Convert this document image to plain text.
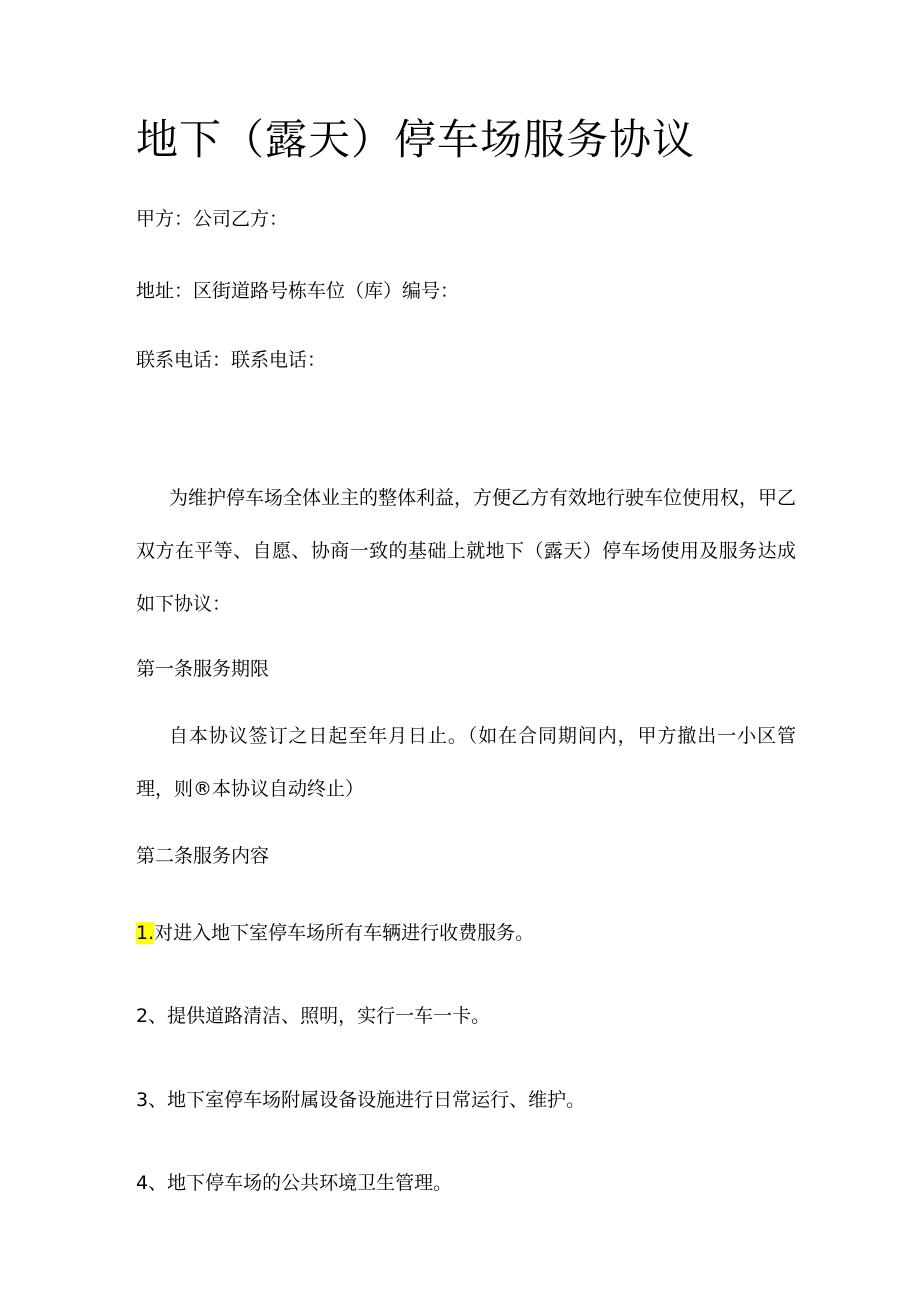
地下（露天）停车场服务协议
甲方：公司乙方：
地址：区街道路号栋车位（库）编号：
联系电话：联系电话：
为维护停车场全体业主的整体利益，方便乙方有效地行驶车位使用权，甲乙双方在平等、自愿、协商一致的基础上就地下（露天）停车场使用及服务达成如下协议：
第一条服务期限
自本协议签订之日起至年月日止。（如在合同期间内，甲方撤出一小区管理，则®本协议自动终止）
第二条服务内容
1.对进入地下室停车场所有车辆进行收费服务。
2、提供道路清洁、照明，实行一车一卡。
3、地下室停车场附属设备设施进行日常运行、维护。
4、地下停车场的公共环境卫生管理。
